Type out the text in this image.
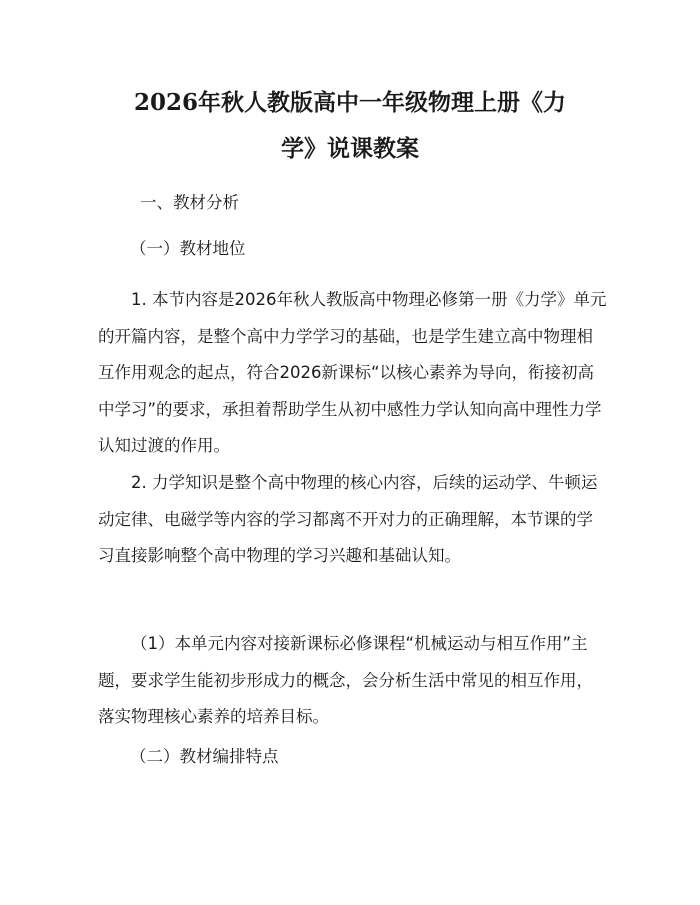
2026年秋人教版高中一年级物理上册《力
学》说课教案

一、教材分析

（一）教材地位

1. 本节内容是2026年秋人教版高中物理必修第一册《力学》单元的开篇内容，是整个高中力学学习的基础，也是学生建立高中物理相互作用观念的起点，符合2026新课标“以核心素养为导向，衔接初高中学习”的要求，承担着帮助学生从初中感性力学认知向高中理性力学认知过渡的作用。

2. 力学知识是整个高中物理的核心内容，后续的运动学、牛顿运动定律、电磁学等内容的学习都离不开对力的正确理解，本节课的学习直接影响整个高中物理的学习兴趣和基础认知。

（1）本单元内容对接新课标必修课程“机械运动与相互作用”主题，要求学生能初步形成力的概念，会分析生活中常见的相互作用，落实物理核心素养的培养目标。

（二）教材编排特点
